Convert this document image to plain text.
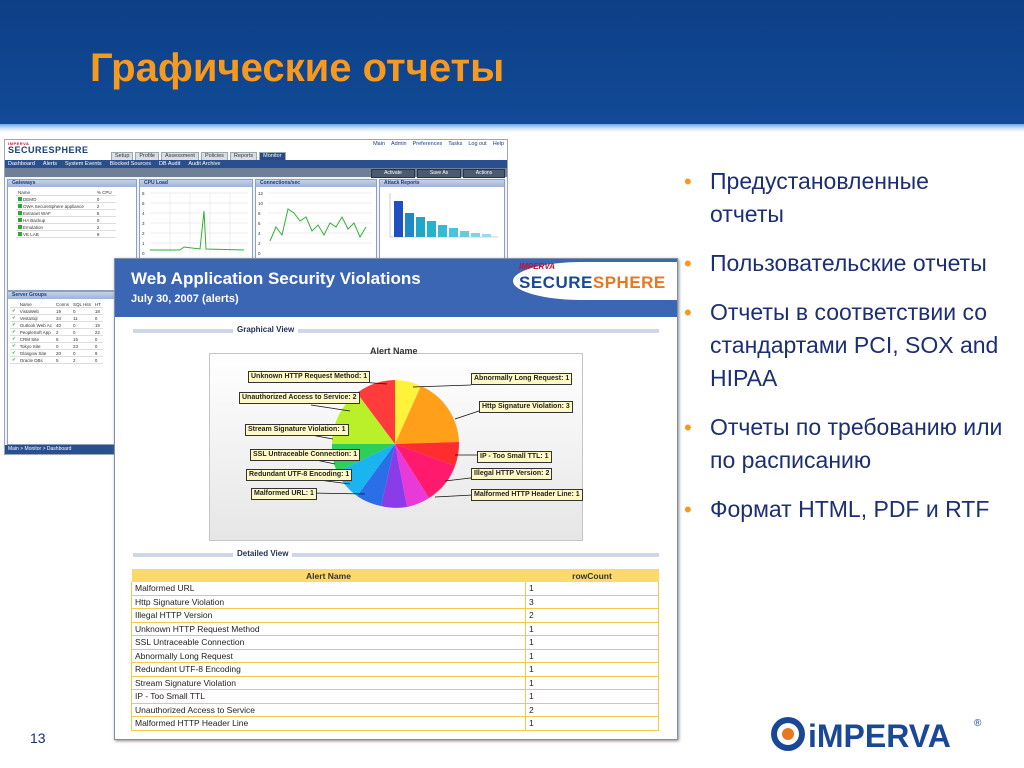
Графические отчеты
IMPERVA
SECURESPHERE
Main Admin Preferences Tasks Log out Help
Setup	Profile	Assessment	Policies	Reports	Monitor
Dashboard Alerts System Events Blocked Sources DB Audit Audit Archive
Activate	Save As	Actions
Gateways
Name	% CPU
DEMO	0
OWA SecureSphere appliance	2
Extranet WAF	5
HA Backup	0
Emulation	2
VE LAB	9
CPU Load
6
5
4
3
2
1
0
Connections/sec
12
10
8
6
4
2
0
Attack Reports
Server Groups
	Name	Conns	SQL Hits	HT
✔	VistaWeb	19	0	18
✔	VestaSql	34	11	0
✔	Outlook Web Ac	40	0	19
✔	PeopleSoft App	2	0	22
✔	CRM Site	6	15	0
✔	Tokyo Site	0	23	0
✔	Glasgow Site	20	0	9
✔	Oracle DBs	5	2	0
Main > Monitor > Dashboard
Web Application Security Violations
July 30, 2007 (alerts)
IMPERVA
SECURESPHERE
Graphical View
Alert Name
Unknown HTTP Request Method: 1
Unauthorized Access to Service: 2
Stream Signature Violation: 1
SSL Untraceable Connection: 1
Redundant UTF-8 Encoding: 1
Malformed URL: 1
Abnormally Long Request: 1
Http Signature Violation: 3
IP - Too Small TTL: 1
Illegal HTTP Version: 2
Malformed HTTP Header Line: 1
Detailed View
Alert Name	rowCount
Malformed URL	1
Http Signature Violation	3
Illegal HTTP Version	2
Unknown HTTP Request Method	1
SSL Untraceable Connection	1
Abnormally Long Request	1
Redundant UTF-8 Encoding	1
Stream Signature Violation	1
IP - Too Small TTL	1
Unauthorized Access to Service	2
Malformed HTTP Header Line	1
• Предустановленные отчеты
• Пользовательские отчеты
• Отчеты в соответствии со стандартами PCI, SOX and HIPAA
• Отчеты по требованию или по расписанию
• Формат HTML, PDF и RTF
13	iMPERVA ®
